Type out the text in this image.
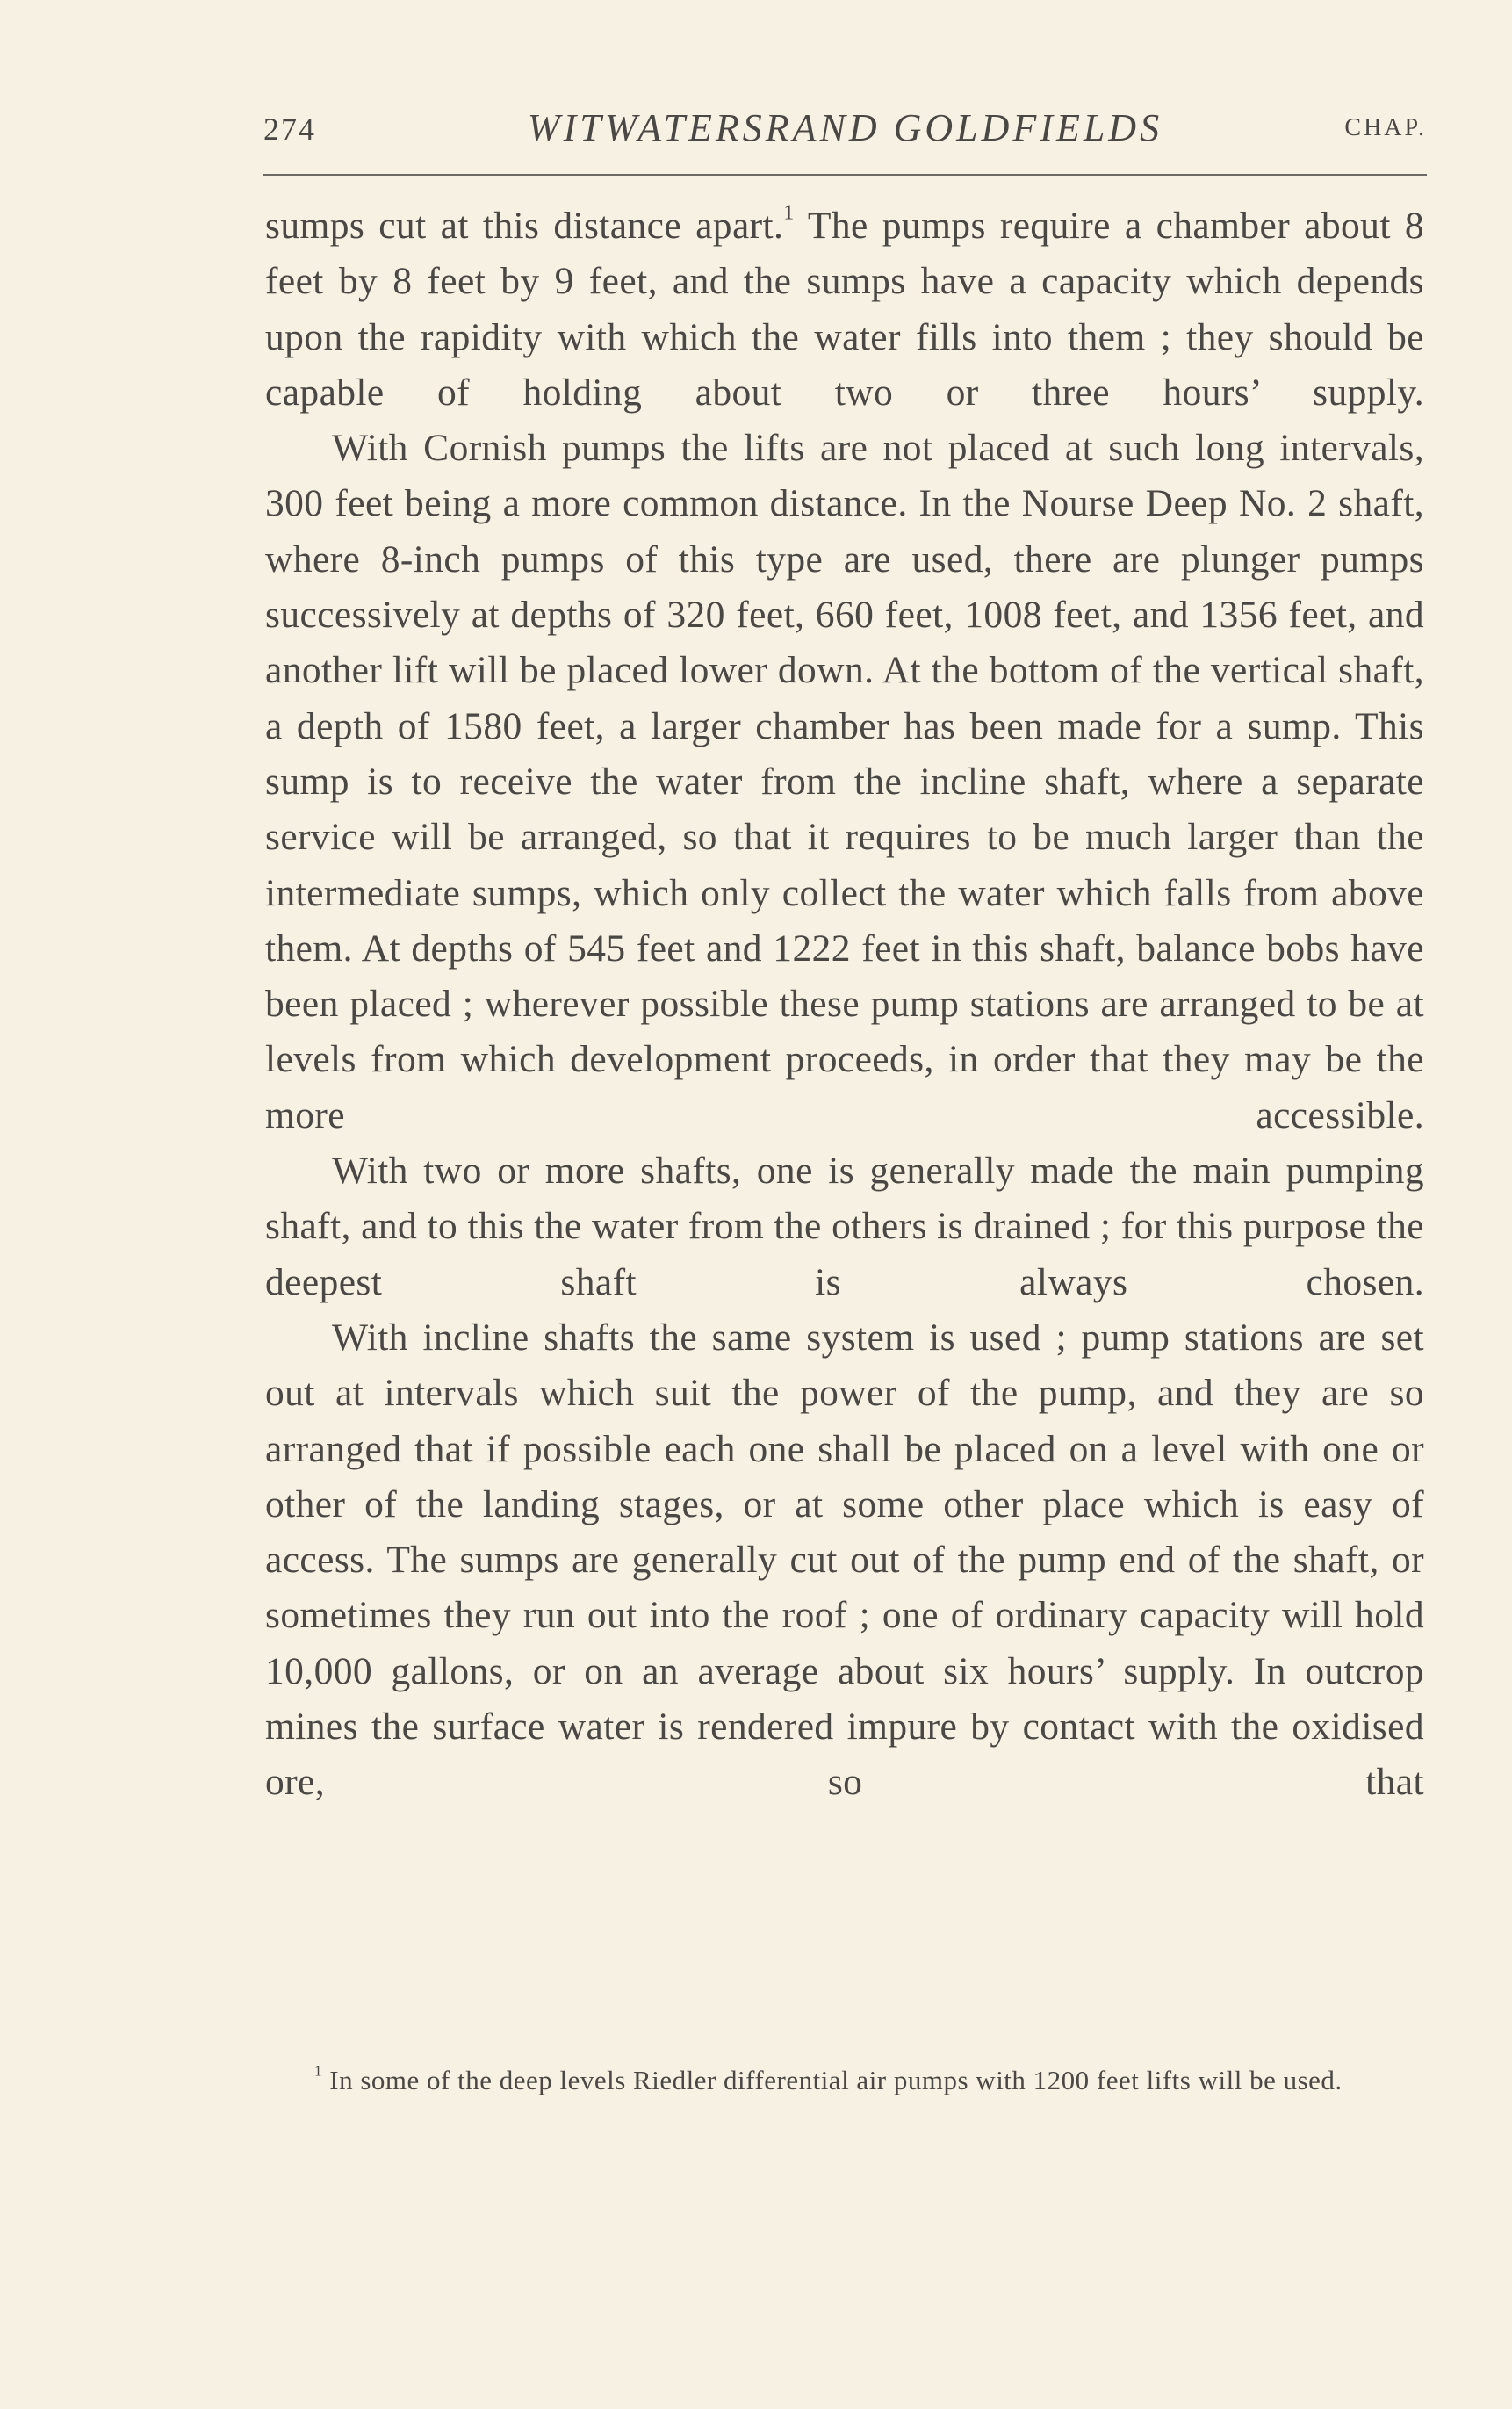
274	WITWATERSRAND GOLDFIELDS	CHAP.

sumps cut at this distance apart.$^1$ The pumps require a chamber about 8 feet by 8 feet by 9 feet, and the sumps have a capacity which depends upon the rapidity with which the water fills into them ; they should be capable of holding about two or three hours’ supply.

With Cornish pumps the lifts are not placed at such long intervals, 300 feet being a more common distance. In the Nourse Deep No. 2 shaft, where 8-inch pumps of this type are used, there are plunger pumps successively at depths of 320 feet, 660 feet, 1008 feet, and 1356 feet, and another lift will be placed lower down. At the bottom of the vertical shaft, a depth of 1580 feet, a larger chamber has been made for a sump. This sump is to receive the water from the incline shaft, where a separate service will be arranged, so that it requires to be much larger than the intermediate sumps, which only collect the water which falls from above them. At depths of 545 feet and 1222 feet in this shaft, balance bobs have been placed ; wherever possible these pump stations are arranged to be at levels from which development proceeds, in order that they may be the more accessible.

With two or more shafts, one is generally made the main pumping shaft, and to this the water from the others is drained ; for this purpose the deepest shaft is always chosen.

With incline shafts the same system is used ; pump stations are set out at intervals which suit the power of the pump, and they are so arranged that if possible each one shall be placed on a level with one or other of the landing stages, or at some other place which is easy of access. The sumps are generally cut out of the pump end of the shaft, or sometimes they run out into the roof ; one of ordinary capacity will hold 10,000 gallons, or on an average about six hours’ supply. In outcrop mines the surface water is rendered impure by contact with the oxidised ore, so that

$^1$ In some of the deep levels Riedler differential air pumps with 1200 feet lifts will be used.
